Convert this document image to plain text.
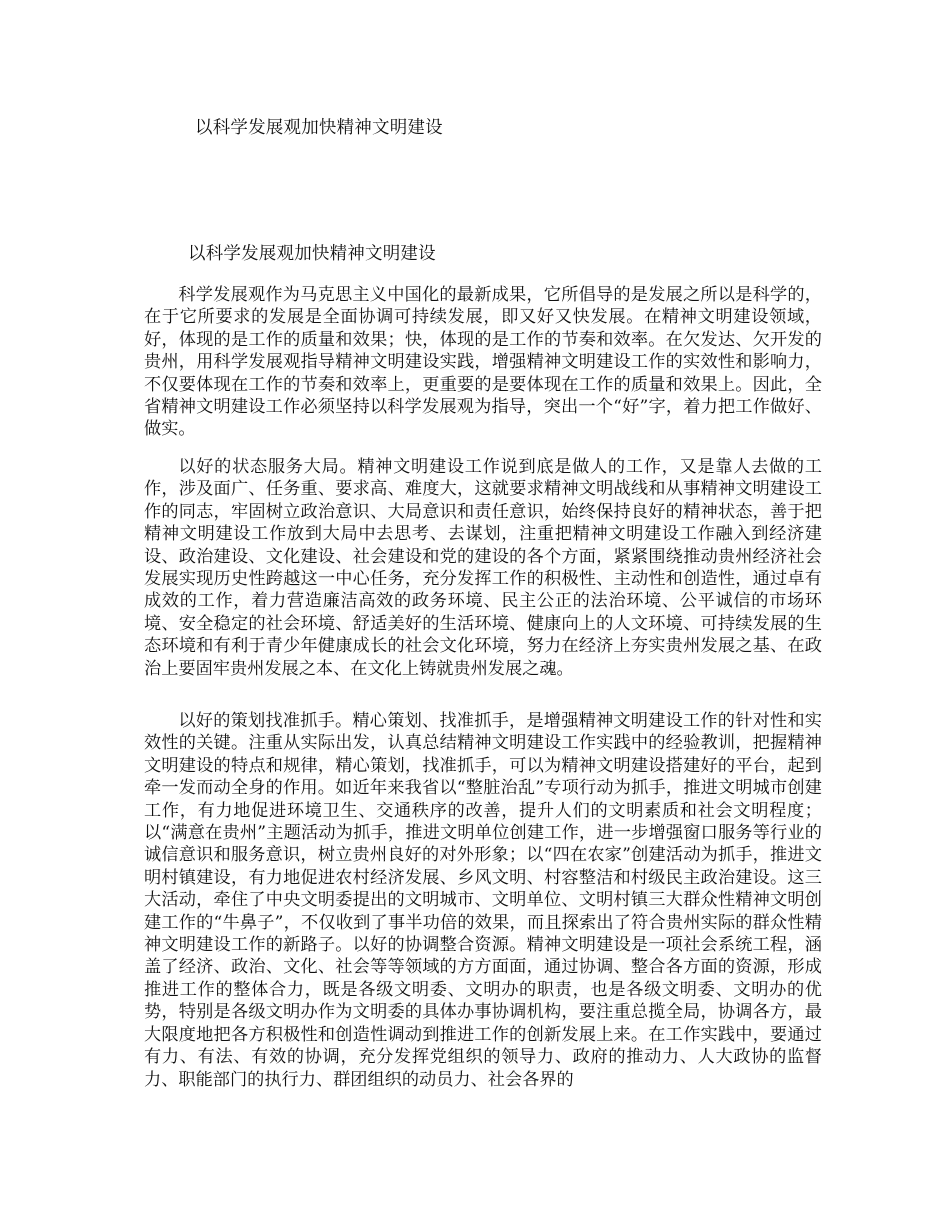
以科学发展观加快精神文明建设
以科学发展观加快精神文明建设

科学发展观作为马克思主义中国化的最新成果，它所倡导的是发展之所以是科学的，在于它所要求的发展是全面协调可持续发展，即又好又快发展。在精神文明建设领域，好，体现的是工作的质量和效果；快，体现的是工作的节奏和效率。在欠发达、欠开发的贵州，用科学发展观指导精神文明建设实践，增强精神文明建设工作的实效性和影响力，不仅要体现在工作的节奏和效率上，更重要的是要体现在工作的质量和效果上。因此，全省精神文明建设工作必须坚持以科学发展观为指导，突出一个“好”字，着力把工作做好、做实。

以好的状态服务大局。精神文明建设工作说到底是做人的工作，又是靠人去做的工作，涉及面广、任务重、要求高、难度大，这就要求精神文明战线和从事精神文明建设工作的同志，牢固树立政治意识、大局意识和责任意识，始终保持良好的精神状态，善于把精神文明建设工作放到大局中去思考、去谋划，注重把精神文明建设工作融入到经济建设、政治建设、文化建设、社会建设和党的建设的各个方面，紧紧围绕推动贵州经济社会发展实现历史性跨越这一中心任务，充分发挥工作的积极性、主动性和创造性，通过卓有成效的工作，着力营造廉洁高效的政务环境、民主公正的法治环境、公平诚信的市场环境、安全稳定的社会环境、舒适美好的生活环境、健康向上的人文环境、可持续发展的生态环境和有利于青少年健康成长的社会文化环境，努力在经济上夯实贵州发展之基、在政治上要固牢贵州发展之本、在文化上铸就贵州发展之魂。

以好的策划找准抓手。精心策划、找准抓手，是增强精神文明建设工作的针对性和实效性的关键。注重从实际出发，认真总结精神文明建设工作实践中的经验教训，把握精神文明建设的特点和规律，精心策划，找准抓手，可以为精神文明建设搭建好的平台，起到牵一发而动全身的作用。如近年来我省以“整脏治乱”专项行动为抓手，推进文明城市创建工作，有力地促进环境卫生、交通秩序的改善，提升人们的文明素质和社会文明程度；以“满意在贵州”主题活动为抓手，推进文明单位创建工作，进一步增强窗口服务等行业的诚信意识和服务意识，树立贵州良好的对外形象；以“四在农家”创建活动为抓手，推进文明村镇建设，有力地促进农村经济发展、乡风文明、村容整洁和村级民主政治建设。这三大活动，牵住了中央文明委提出的文明城市、文明单位、文明村镇三大群众性精神文明创建工作的“牛鼻子”，不仅收到了事半功倍的效果，而且探索出了符合贵州实际的群众性精神文明建设工作的新路子。以好的协调整合资源。精神文明建设是一项社会系统工程，涵盖了经济、政治、文化、社会等等领域的方方面面，通过协调、整合各方面的资源，形成推进工作的整体合力，既是各级文明委、文明办的职责，也是各级文明委、文明办的优势，特别是各级文明办作为文明委的具体办事协调机构，要注重总揽全局，协调各方，最大限度地把各方积极性和创造性调动到推进工作的创新发展上来。在工作实践中，要通过有力、有法、有效的协调，充分发挥党组织的领导力、政府的推动力、人大政协的监督力、职能部门的执行力、群团组织的动员力、社会各界的
